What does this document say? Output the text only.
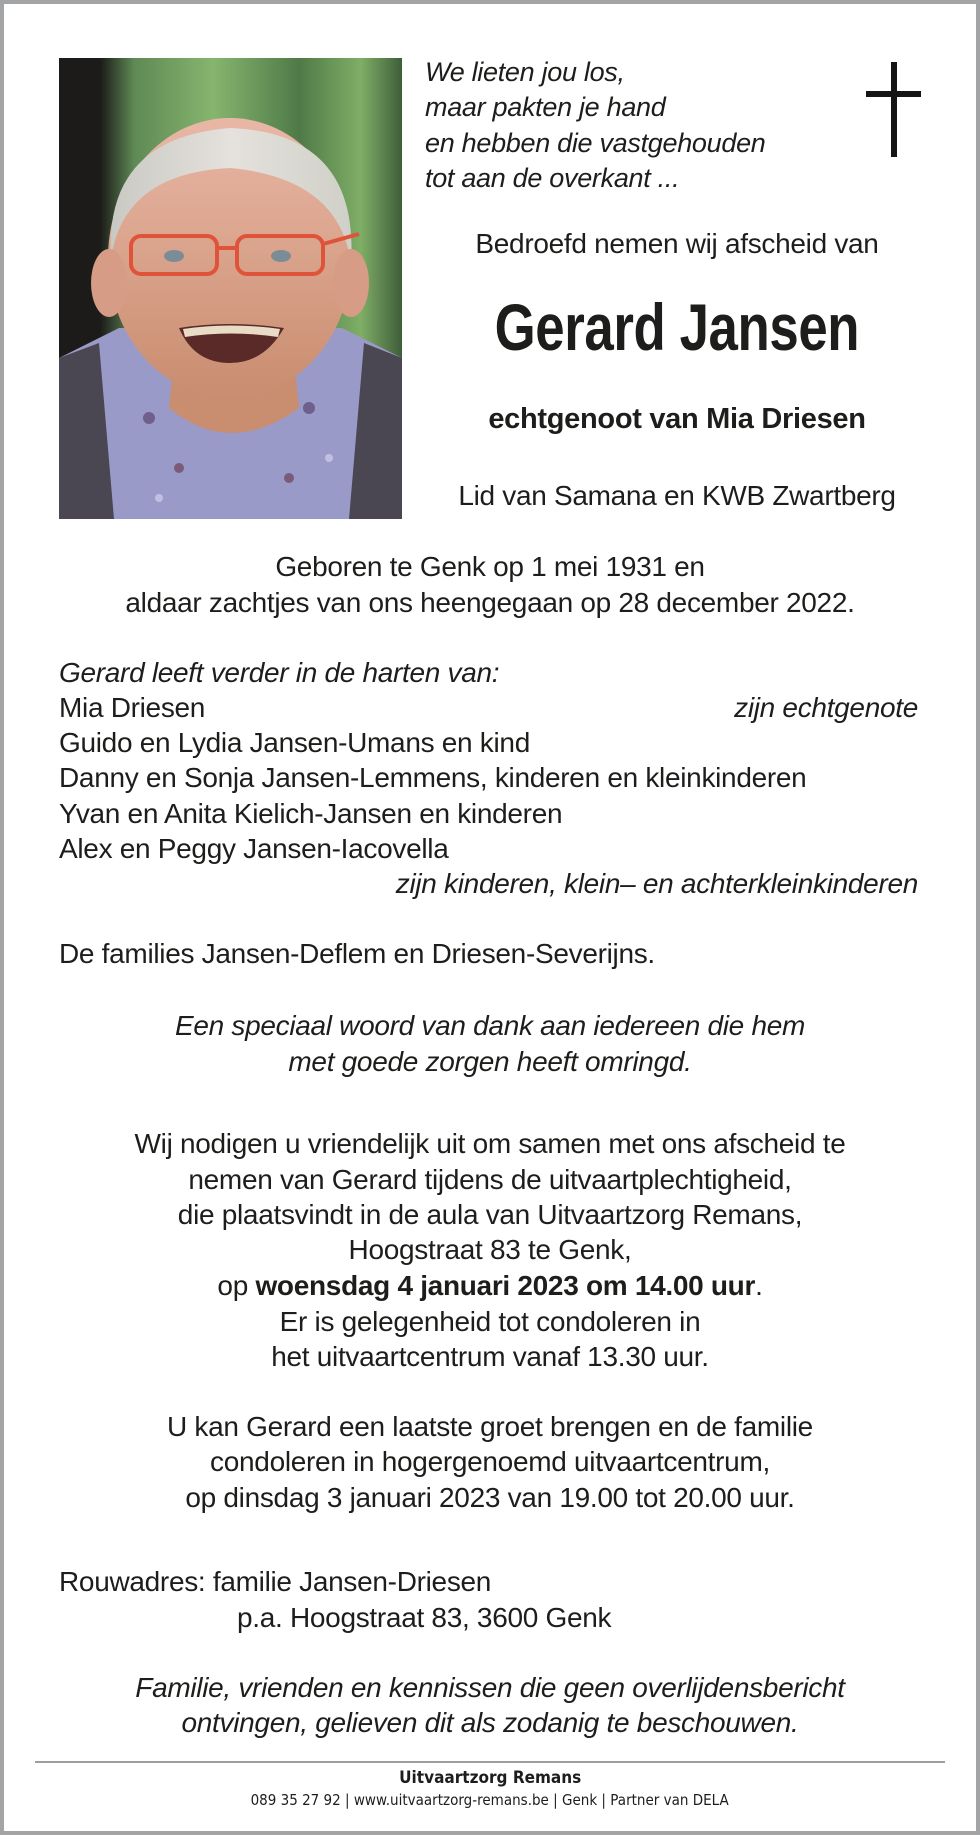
We lieten jou los,
maar pakten je hand
en hebben die vastgehouden
tot aan de overkant ...
Bedroefd nemen wij afscheid van
Gerard Jansen
echtgenoot van Mia Driesen
Lid van Samana en KWB Zwartberg
Geboren te Genk op 1 mei 1931 en
aldaar zachtjes van ons heengegaan op 28 december 2022.
Gerard leeft verder in de harten van:
Mia Driesen	zijn echtgenote
Guido en Lydia Jansen-Umans en kind
Danny en Sonja Jansen-Lemmens, kinderen en kleinkinderen
Yvan en Anita Kielich-Jansen en kinderen
Alex en Peggy Jansen-Iacovella
zijn kinderen, klein– en achterkleinkinderen
De families Jansen-Deflem en Driesen-Severijns.
Een speciaal woord van dank aan iedereen die hem
met goede zorgen heeft omringd.
Wij nodigen u vriendelijk uit om samen met ons afscheid te
nemen van Gerard tijdens de uitvaartplechtigheid,
die plaatsvindt in de aula van Uitvaartzorg Remans,
Hoogstraat 83 te Genk,
op woensdag 4 januari 2023 om 14.00 uur.
Er is gelegenheid tot condoleren in
het uitvaartcentrum vanaf 13.30 uur.
U kan Gerard een laatste groet brengen en de familie
condoleren in hogergenoemd uitvaartcentrum,
op dinsdag 3 januari 2023 van 19.00 tot 20.00 uur.
Rouwadres: familie Jansen-Driesen
p.a. Hoogstraat 83, 3600 Genk
Familie, vrienden en kennissen die geen overlijdensbericht
ontvingen, gelieven dit als zodanig te beschouwen.
Uitvaartzorg Remans
089 35 27 92 | www.uitvaartzorg-remans.be | Genk | Partner van DELA
